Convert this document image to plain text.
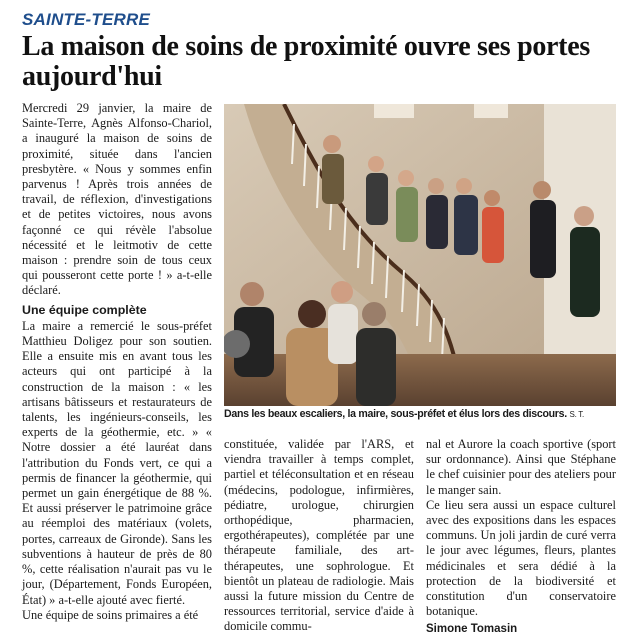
SAINTE-TERRE
La maison de soins de proximité ouvre ses portes aujourd'hui

Mercredi 29 janvier, la maire de Sainte-Terre, Agnès Alfonso-Chariol, a inauguré la maison de soins de proximité, située dans l'ancien presbytère. « Nous y sommes enfin parvenus ! Après trois années de travail, de réflexion, d'investigations et de petites victoires, nous avons façonné ce qui révèle l'absolue nécessité et le leitmotiv de cette maison : prendre soin de tous ceux qui pousseront cette porte ! » a-t-elle déclaré.

Une équipe complète

La maire a remercié le sous-préfet Matthieu Doligez pour son soutien. Elle a ensuite mis en avant tous les acteurs qui ont participé à la construction de la maison : « les artisans bâtisseurs et restaurateurs de talents, les ingénieurs-conseils, les experts de la géothermie, etc. » « Notre dossier a été lauréat dans l'attribution du Fonds vert, ce qui a permis de financer la géothermie, qui permet un gain énergétique de 88 %. Et aussi préserver le patrimoine grâce au réemploi des matériaux (volets, portes, carreaux de Gironde). Sans les subventions à hauteur de près de 80 %, cette réalisation n'aurait pas vu le jour, (Département, Fonds Européen, État) » a-t-elle ajouté avec fierté.

Une équipe de soins primaires a été

Dans les beaux escaliers, la maire, sous-préfet et élus lors des discours. S. T.

constituée, validée par l'ARS, et viendra travailler à temps complet, partiel et téléconsultation et en réseau (médecins, podologue, infirmières, pédiatre, urologue, chirurgien orthopédique, pharmacien, ergothérapeutes), complétée par une thérapeute familiale, des art-thérapeutes, une sophrologue. Et bientôt un plateau de radiologie. Mais aussi la future mission du Centre de ressources territorial, service d'aide à domicile commu-

nal et Aurore la coach sportive (sport sur ordonnance). Ainsi que Stéphane le chef cuisinier pour des ateliers pour le manger sain.

Ce lieu sera aussi un espace culturel avec des expositions dans les espaces communs. Un joli jardin de curé verra le jour avec légumes, fleurs, plantes médicinales et sera dédié à la protection de la biodiversité et constitution d'un conservatoire botanique.

Simone Tomasin
